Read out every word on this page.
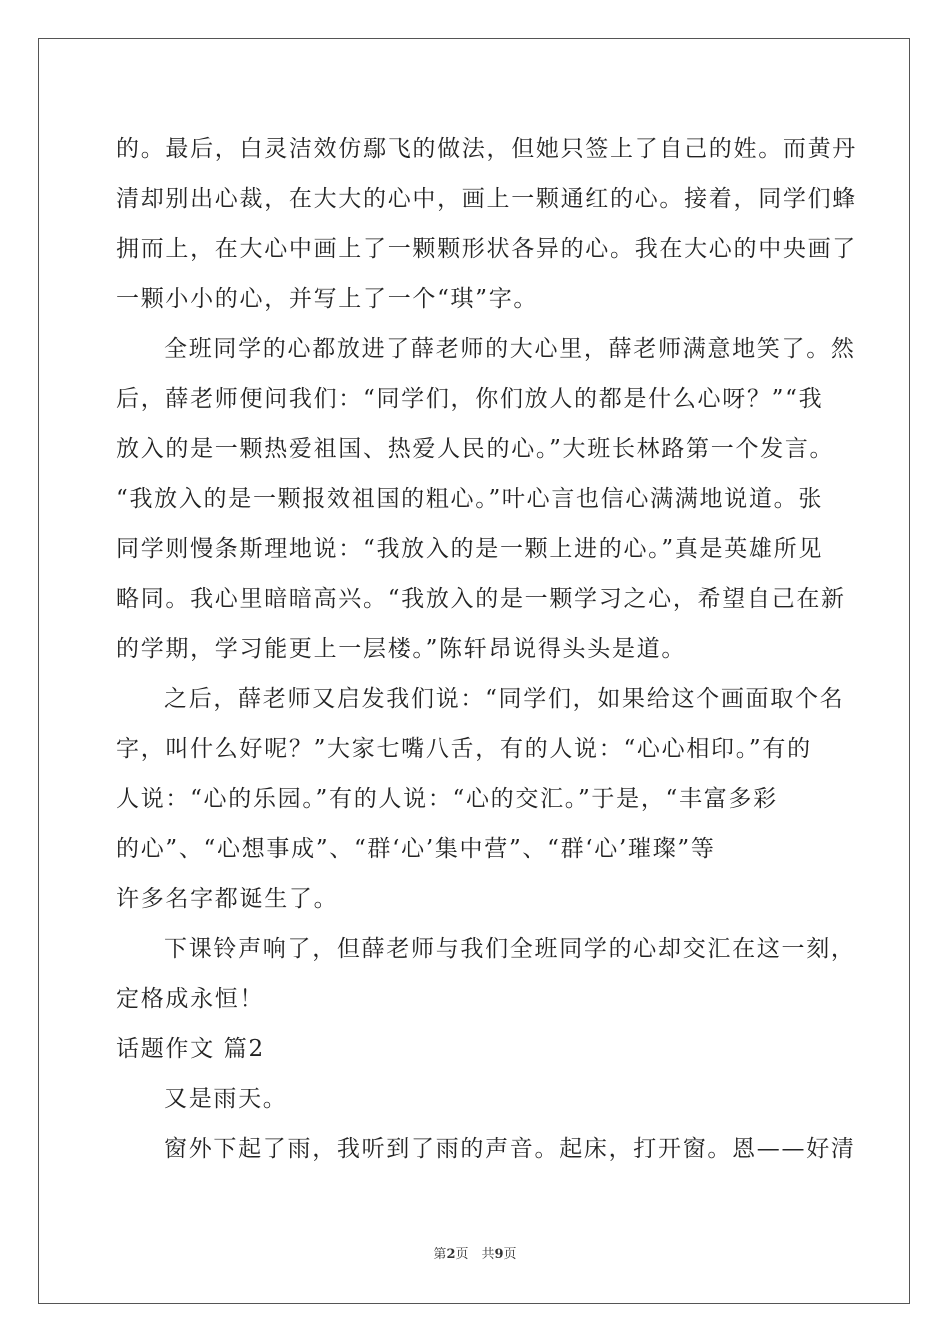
的。最后，白灵洁效仿鄢飞的做法，但她只签上了自己的姓。而黄丹
清却别出心裁，在大大的心中，画上一颗通红的心。接着，同学们蜂
拥而上，在大心中画上了一颗颗形状各异的心。我在大心的中央画了
一颗小小的心，并写上了一个“琪”字。
全班同学的心都放进了薛老师的大心里，薛老师满意地笑了。然
后，薛老师便问我们：“同学们，你们放人的都是什么心呀？”“我
放入的是一颗热爱祖国、热爱人民的心。”大班长林路第一个发言。
“我放入的是一颗报效祖国的粗心。”叶心言也信心满满地说道。张
同学则慢条斯理地说：“我放入的是一颗上进的心。”真是英雄所见
略同。我心里暗暗高兴。“我放入的是一颗学习之心，希望自己在新
的学期，学习能更上一层楼。”陈轩昂说得头头是道。
之后，薛老师又启发我们说：“同学们，如果给这个画面取个名
字，叫什么好呢？”大家七嘴八舌，有的人说：“心心相印。”有的
人说：“心的乐园。”有的人说：“心的交汇。”于是，“丰富多彩
的心”、“心想事成”、“群‘心’集中营”、“群‘心’璀璨”等
许多名字都诞生了。
下课铃声响了，但薛老师与我们全班同学的心却交汇在这一刻，
定格成永恒！
话题作文 篇2
又是雨天。
窗外下起了雨，我听到了雨的声音。起床，打开窗。恩——好清
第2页　共9页
